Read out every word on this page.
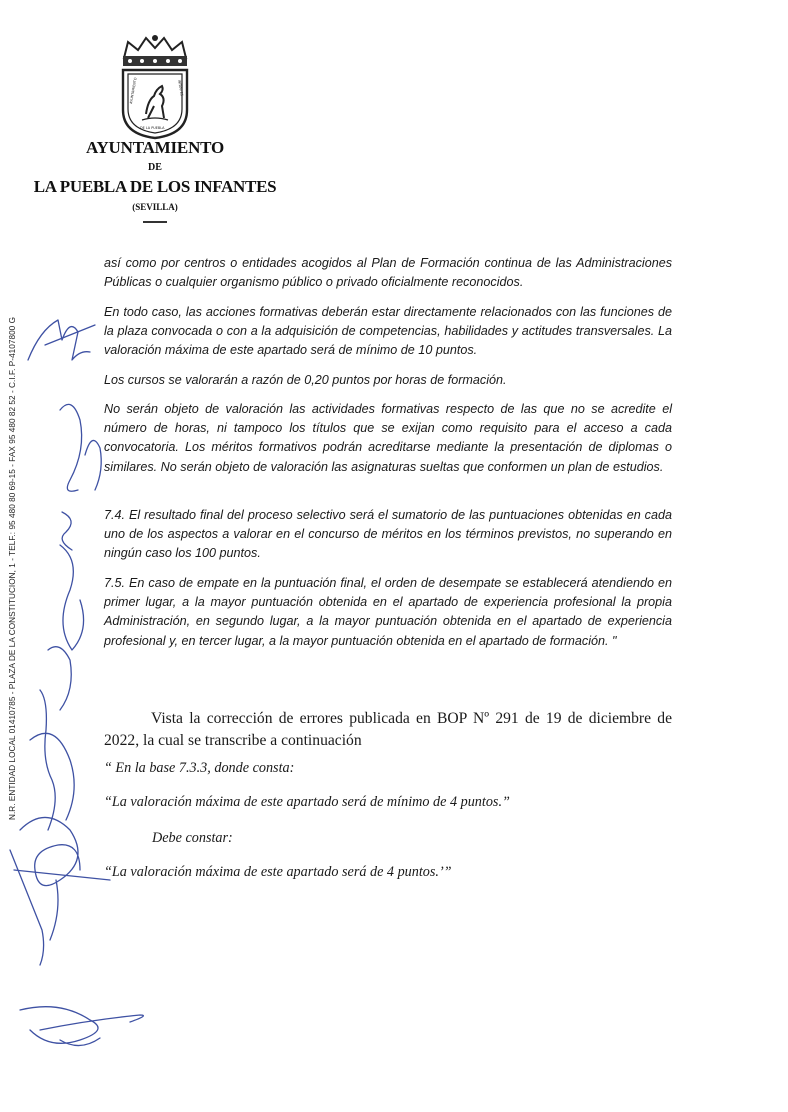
AYUNTAMIENTO
DE LA PUEBLA
INFANTES
AYUNTAMIENTO
DE
LA PUEBLA DE LOS INFANTES
(SEVILLA)
N.R. ENTIDAD LOCAL 01410785 - PLAZA DE LA CONSTITUCION, 1 - TELF.: 95 480 80 69-15 - FAX 95 480 82 52 - C.I.F. P-4107800 G
así como por centros o entidades acogidos al Plan de Formación continua de las Administraciones Públicas o cualquier organismo público o privado oficialmente reconocidos.
En todo caso, las acciones formativas deberán estar directamente relacionados con las funciones de la plaza convocada o con a la adquisición de competencias, habilidades y actitudes transversales. La valoración máxima de este apartado será de mínimo de 10 puntos.
Los cursos se valorarán a razón de 0,20 puntos por horas de formación.
No serán objeto de valoración las actividades formativas respecto de las que no se acredite el número de horas, ni tampoco los títulos que se exijan como requisito para el acceso a cada convocatoria. Los méritos formativos podrán acreditarse mediante la presentación de diplomas o similares. No serán objeto de valoración las asignaturas sueltas que conformen un plan de estudios.
7.4. El resultado final del proceso selectivo será el sumatorio de las puntuaciones obtenidas en cada uno de los aspectos a valorar en el concurso de méritos en los términos previstos, no superando en ningún caso los 100 puntos.
7.5. En caso de empate en la puntuación final, el orden de desempate se establecerá atendiendo en primer lugar, a la mayor puntuación obtenida en el apartado de experiencia profesional la propia Administración, en segundo lugar, a la mayor puntuación obtenida en el apartado de experiencia profesional y, en tercer lugar, a la mayor puntuación obtenida en el apartado de formación. "
Vista la corrección de errores publicada en BOP Nº 291 de 19 de diciembre de 2022, la cual se transcribe a continuación
“ En la base 7.3.3, donde consta:
“La valoración máxima de este apartado será de mínimo de 4 puntos.”
Debe constar:
“La valoración máxima de este apartado será de 4 puntos.’”
